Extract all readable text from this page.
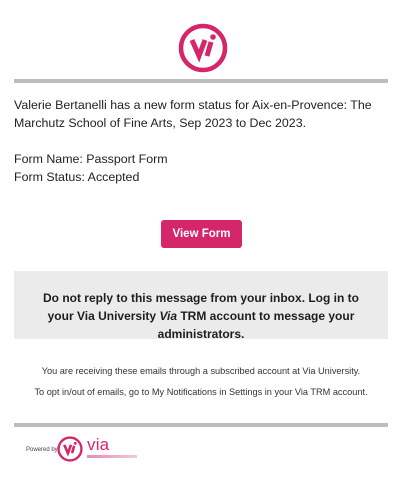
Valerie Bertanelli has a new form status for Aix-en-Provence: The Marchutz School of Fine Arts, Sep 2023 to Dec 2023.
Form Name: Passport Form
Form Status: Accepted
View Form
Do not reply to this message from your inbox. Log in to your Via University Via TRM account to message your administrators.
You are receiving these emails through a subscribed account at Via University.
To opt in/out of emails, go to My Notifications in Settings in your Via TRM account.
Powered by via
